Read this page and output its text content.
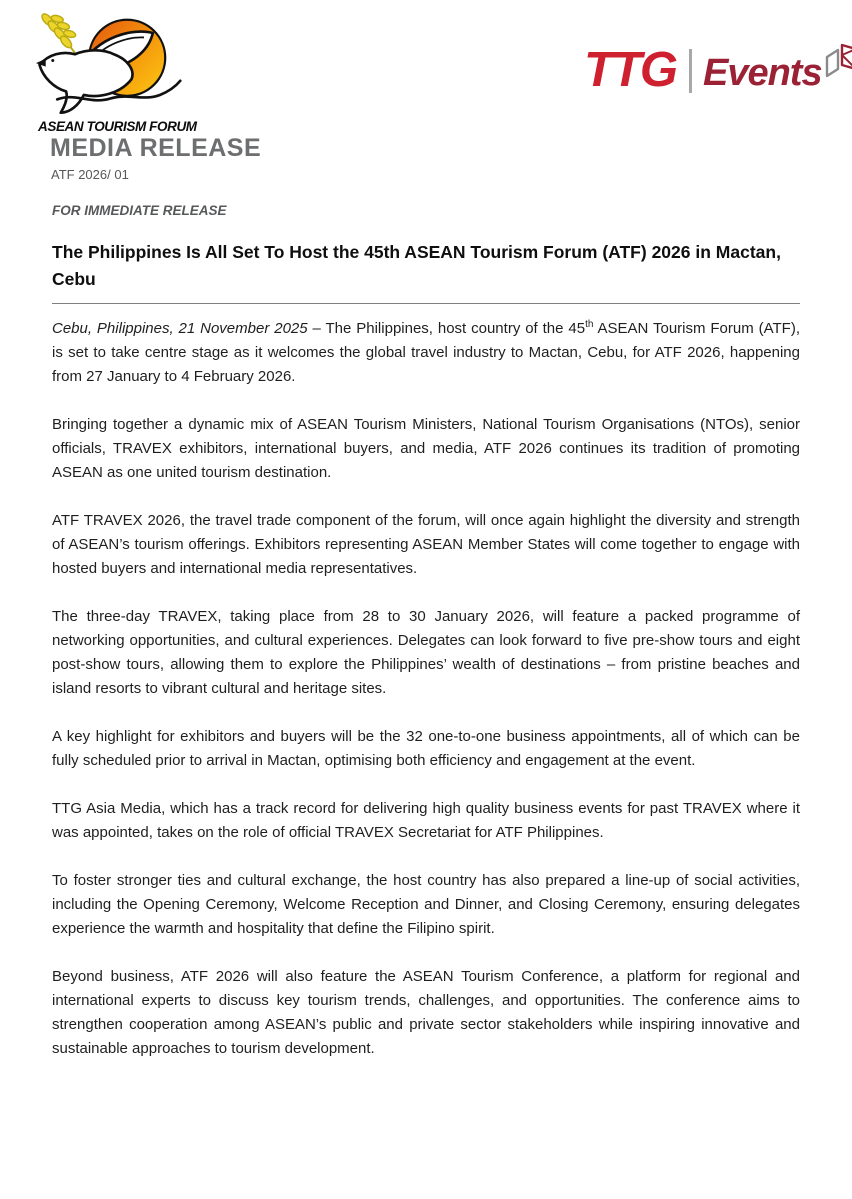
ASEAN TOURISM FORUM
MEDIA RELEASE
ATF 2026/ 01
TTG Events
FOR IMMEDIATE RELEASE
The Philippines Is All Set To Host the 45th ASEAN Tourism Forum (ATF) 2026 in Mactan, Cebu

Cebu, Philippines, 21 November 2025 – The Philippines, host country of the 45th ASEAN Tourism Forum (ATF), is set to take centre stage as it welcomes the global travel industry to Mactan, Cebu, for ATF 2026, happening from 27 January to 4 February 2026.

Bringing together a dynamic mix of ASEAN Tourism Ministers, National Tourism Organisations (NTOs), senior officials, TRAVEX exhibitors, international buyers, and media, ATF 2026 continues its tradition of promoting ASEAN as one united tourism destination.

ATF TRAVEX 2026, the travel trade component of the forum, will once again highlight the diversity and strength of ASEAN’s tourism offerings. Exhibitors representing ASEAN Member States will come together to engage with hosted buyers and international media representatives.

The three-day TRAVEX, taking place from 28 to 30 January 2026, will feature a packed programme of networking opportunities, and cultural experiences. Delegates can look forward to five pre-show tours and eight post-show tours, allowing them to explore the Philippines’ wealth of destinations – from pristine beaches and island resorts to vibrant cultural and heritage sites.

A key highlight for exhibitors and buyers will be the 32 one-to-one business appointments, all of which can be fully scheduled prior to arrival in Mactan, optimising both efficiency and engagement at the event.

TTG Asia Media, which has a track record for delivering high quality business events for past TRAVEX where it was appointed, takes on the role of official TRAVEX Secretariat for ATF Philippines.

To foster stronger ties and cultural exchange, the host country has also prepared a line-up of social activities, including the Opening Ceremony, Welcome Reception and Dinner, and Closing Ceremony, ensuring delegates experience the warmth and hospitality that define the Filipino spirit.

Beyond business, ATF 2026 will also feature the ASEAN Tourism Conference, a platform for regional and international experts to discuss key tourism trends, challenges, and opportunities. The conference aims to strengthen cooperation among ASEAN’s public and private sector stakeholders while inspiring innovative and sustainable approaches to tourism development.
